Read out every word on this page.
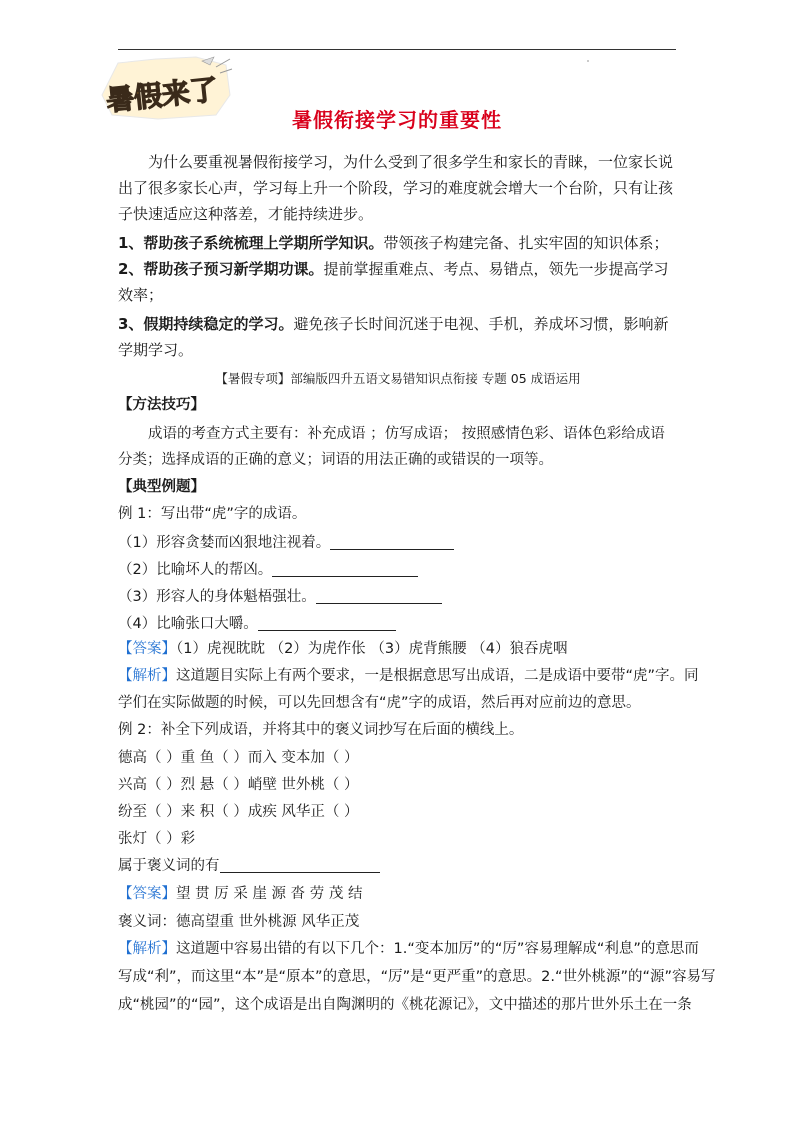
暑假来了
暑假衔接学习的重要性
为什么要重视暑假衔接学习，为什么受到了很多学生和家长的青睐，一位家长说出了很多家长心声，学习每上升一个阶段，学习的难度就会增大一个台阶，只有让孩子快速适应这种落差，才能持续进步。
1、帮助孩子系统梳理上学期所学知识。带领孩子构建完备、扎实牢固的知识体系；
2、帮助孩子预习新学期功课。提前掌握重难点、考点、易错点，领先一步提高学习效率；
3、假期持续稳定的学习。避免孩子长时间沉迷于电视、手机，养成坏习惯，影响新学期学习。
【暑假专项】部编版四升五语文易错知识点衔接 专题 05 成语运用
【方法技巧】
成语的考查方式主要有：补充成语 ；仿写成语； 按照感情色彩、语体色彩给成语分类；选择成语的正确的意义；词语的用法正确的或错误的一项等。
【典型例题】
例 1：写出带“虎”字的成语。
（1）形容贪婪而凶狠地注视着。
（2）比喻坏人的帮凶。
（3）形容人的身体魁梧强壮。
（4）比喻张口大嚼。
【答案】（1）虎视眈眈 （2）为虎作伥 （3）虎背熊腰 （4）狼吞虎咽
【解析】这道题目实际上有两个要求，一是根据意思写出成语，二是成语中要带“虎”字。同
学们在实际做题的时候，可以先回想含有“虎”字的成语，然后再对应前边的意思。
例 2：补全下列成语，并将其中的褒义词抄写在后面的横线上。
德高（ ）重 鱼（ ）而入 变本加（ ）
兴高（ ）烈 悬（ ）峭壁 世外桃（ ）
纷至（ ）来 积（ ）成疾 风华正（ ）
张灯（ ）彩
属于褒义词的有
【答案】望 贯 厉 采 崖 源 沓 劳 茂 结
褒义词：德高望重 世外桃源 风华正茂
【解析】这道题中容易出错的有以下几个：1.“变本加厉”的“厉”容易理解成“利息”的意思而
写成“利”，而这里“本”是“原本”的意思，“厉”是“更严重”的意思。2.“世外桃源”的“源”容易写
成“桃园”的“园”，这个成语是出自陶渊明的《桃花源记》，文中描述的那片世外乐土在一条
